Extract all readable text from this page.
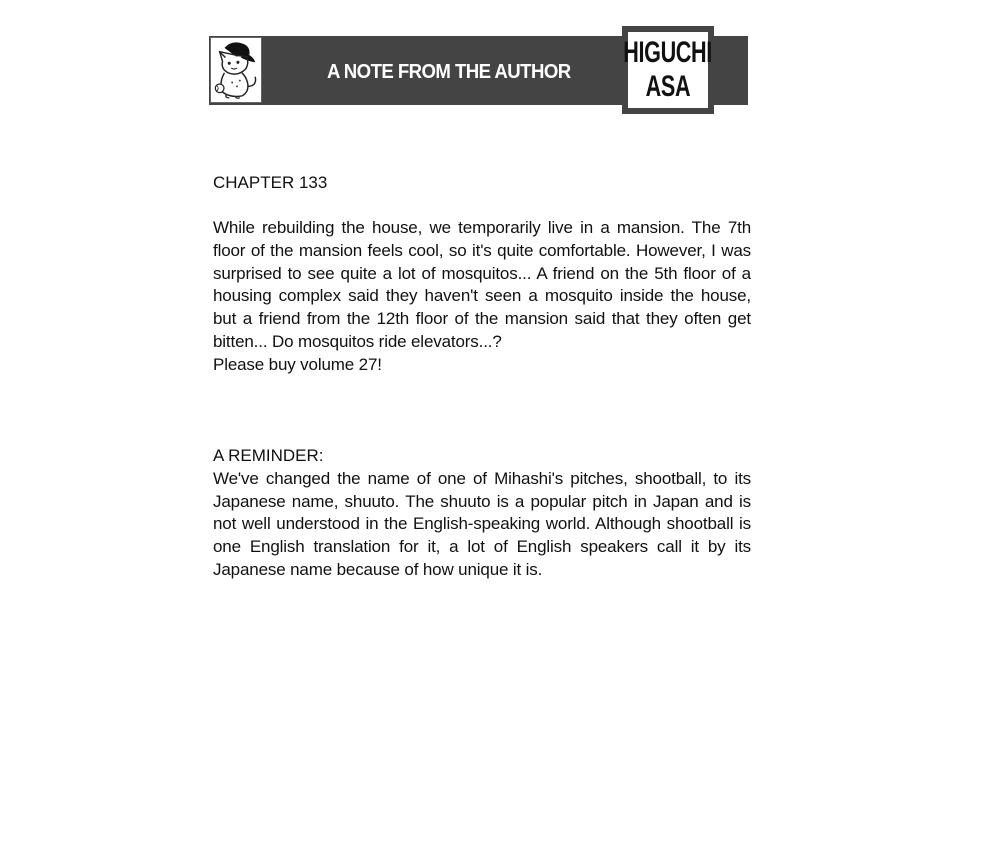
A NOTE FROM THE AUTHOR
HIGUCHI
ASA
CHAPTER 133

While rebuilding the house, we temporarily live in a mansion. The 7th floor of the mansion feels cool, so it's quite comfortable. However, I was surprised to see quite a lot of mosquitos... A friend on the 5th floor of a housing complex said they haven't seen a mosquito inside the house, but a friend from the 12th floor of the mansion said that they often get bitten... Do mosquitos ride elevators...?

Please buy volume 27!

A REMINDER:

We've changed the name of one of Mihashi's pitches, shootball, to its Japanese name, shuuto. The shuuto is a popular pitch in Japan and is not well understood in the English-speaking world. Although shootball is one English translation for it, a lot of English speakers call it by its Japanese name because of how unique it is.
